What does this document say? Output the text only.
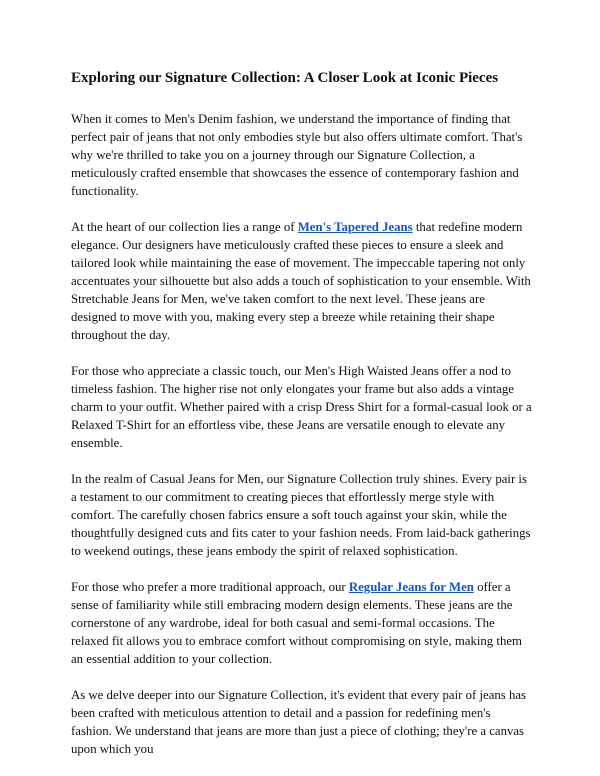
Exploring our Signature Collection: A Closer Look at Iconic Pieces

When it comes to Men's Denim fashion, we understand the importance of finding that perfect pair of jeans that not only embodies style but also offers ultimate comfort. That's why we're thrilled to take you on a journey through our Signature Collection, a meticulously crafted ensemble that showcases the essence of contemporary fashion and functionality.

At the heart of our collection lies a range of Men's Tapered Jeans that redefine modern elegance. Our designers have meticulously crafted these pieces to ensure a sleek and tailored look while maintaining the ease of movement. The impeccable tapering not only accentuates your silhouette but also adds a touch of sophistication to your ensemble. With Stretchable Jeans for Men, we've taken comfort to the next level. These jeans are designed to move with you, making every step a breeze while retaining their shape throughout the day.

For those who appreciate a classic touch, our Men's High Waisted Jeans offer a nod to timeless fashion. The higher rise not only elongates your frame but also adds a vintage charm to your outfit. Whether paired with a crisp Dress Shirt for a formal-casual look or a Relaxed T-Shirt for an effortless vibe, these Jeans are versatile enough to elevate any ensemble.

In the realm of Casual Jeans for Men, our Signature Collection truly shines. Every pair is a testament to our commitment to creating pieces that effortlessly merge style with comfort. The carefully chosen fabrics ensure a soft touch against your skin, while the thoughtfully designed cuts and fits cater to your fashion needs. From laid-back gatherings to weekend outings, these jeans embody the spirit of relaxed sophistication.

For those who prefer a more traditional approach, our Regular Jeans for Men offer a sense of familiarity while still embracing modern design elements. These jeans are the cornerstone of any wardrobe, ideal for both casual and semi-formal occasions. The relaxed fit allows you to embrace comfort without compromising on style, making them an essential addition to your collection.

As we delve deeper into our Signature Collection, it's evident that every pair of jeans has been crafted with meticulous attention to detail and a passion for redefining men's fashion. We understand that jeans are more than just a piece of clothing; they're a canvas upon which you
